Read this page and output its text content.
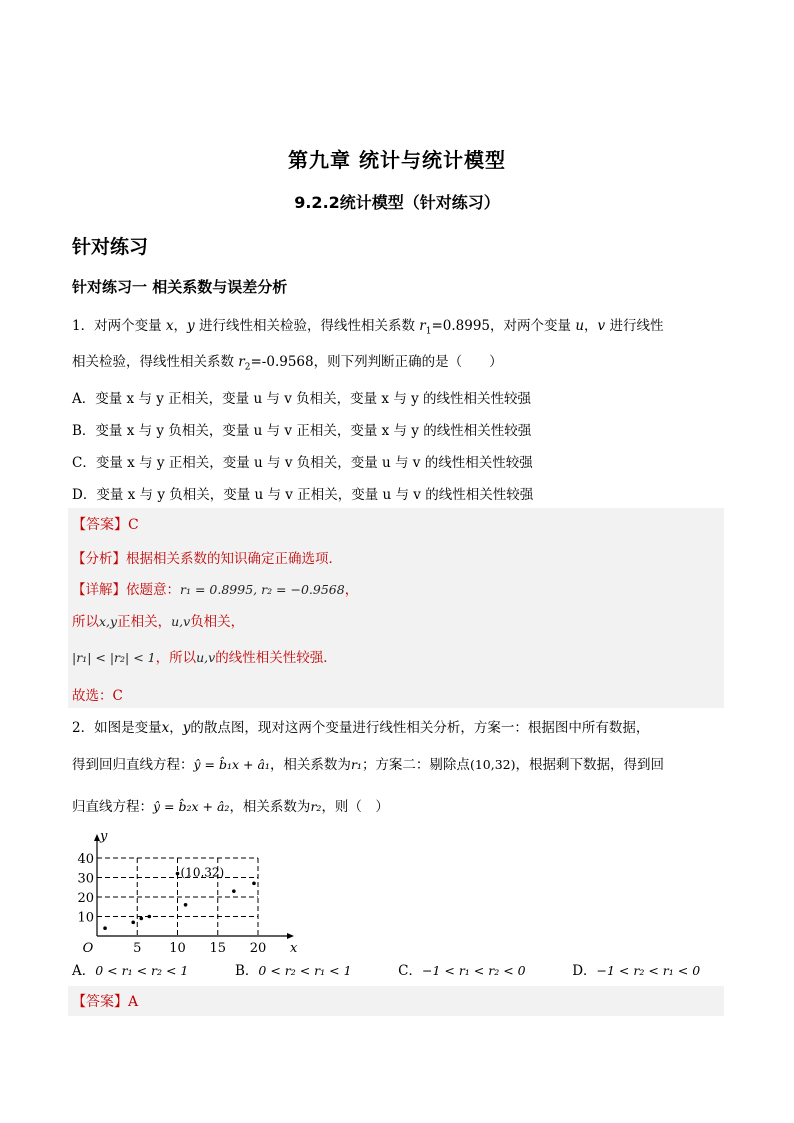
第九章 统计与统计模型
9.2.2统计模型（针对练习）
针对练习
针对练习一 相关系数与误差分析
1．对两个变量 x，y 进行线性相关检验，得线性相关系数 $r_1=0.8995$，对两个变量 u，v 进行线性
相关检验，得线性相关系数 $r_2=-0.9568$，则下列判断正确的是（　　）
A．变量 x 与 y 正相关，变量 u 与 v 负相关，变量 x 与 y 的线性相关性较强
B．变量 x 与 y 负相关，变量 u 与 v 正相关，变量 x 与 y 的线性相关性较强
C．变量 x 与 y 正相关，变量 u 与 v 负相关，变量 u 与 v 的线性相关性较强
D．变量 x 与 y 负相关，变量 u 与 v 正相关，变量 u 与 v 的线性相关性较强
【答案】C
【分析】根据相关系数的知识确定正确选项．
【详解】依题意：r₁ = 0.8995, r₂ = −0.9568，
所以x,y正相关，u,v负相关，
|r₁| < |r₂| < 1，所以u,v的线性相关性较强．
故选：C
2．如图是变量x，y的散点图，现对这两个变量进行线性相关分析，方案一：根据图中所有数据，
得到回归直线方程：ŷ = b̂₁x + â₁，相关系数为r₁；方案二：剔除点(10,32)，根据剩下数据，得到回
归直线方程：ŷ = b̂₂x + â₂，相关系数为r₂，则（　）
5 10 15 20
10
20
30
40
O	x
y
(10,32)
A．0 < r₁ < r₂ < 1	B．0 < r₂ < r₁ < 1	C．−1 < r₁ < r₂ < 0	D．−1 < r₂ < r₁ < 0
【答案】A
